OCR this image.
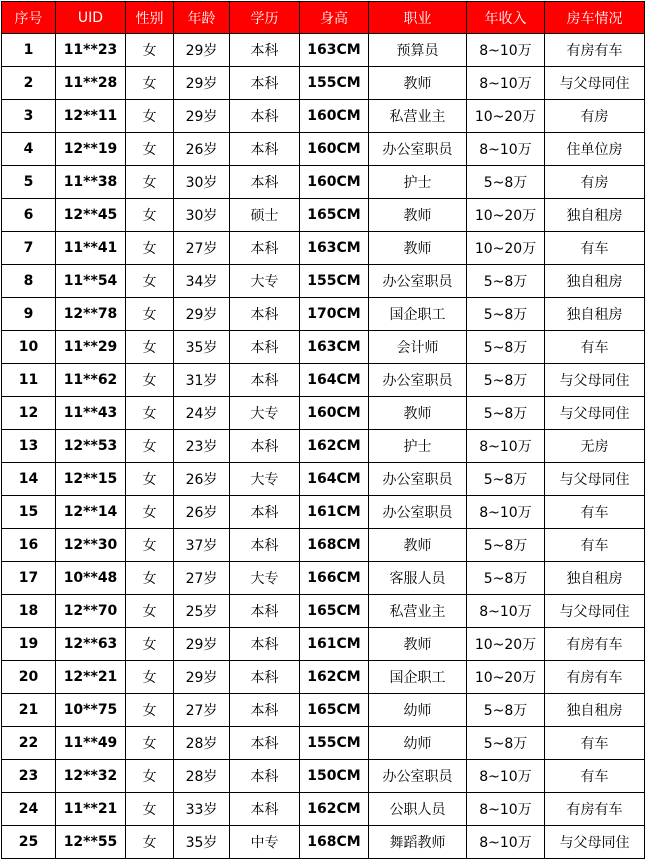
序号	UID	性别	年龄	学历	身高	职业	年收入	房车情况
1	11**23	女	29岁	本科	163CM	预算员	8~10万	有房有车
2	11**28	女	29岁	本科	155CM	教师	8~10万	与父母同住
3	12**11	女	29岁	本科	160CM	私营业主	10~20万	有房
4	12**19	女	26岁	本科	160CM	办公室职员	8~10万	住单位房
5	11**38	女	30岁	本科	160CM	护士	5~8万	有房
6	12**45	女	30岁	硕士	165CM	教师	10~20万	独自租房
7	11**41	女	27岁	本科	163CM	教师	10~20万	有车
8	11**54	女	34岁	大专	155CM	办公室职员	5~8万	独自租房
9	12**78	女	29岁	本科	170CM	国企职工	5~8万	独自租房
10	11**29	女	35岁	本科	163CM	会计师	5~8万	有车
11	11**62	女	31岁	本科	164CM	办公室职员	5~8万	与父母同住
12	11**43	女	24岁	大专	160CM	教师	5~8万	与父母同住
13	12**53	女	23岁	本科	162CM	护士	8~10万	无房
14	12**15	女	26岁	大专	164CM	办公室职员	5~8万	与父母同住
15	12**14	女	26岁	本科	161CM	办公室职员	8~10万	有车
16	12**30	女	37岁	本科	168CM	教师	5~8万	有车
17	10**48	女	27岁	大专	166CM	客服人员	5~8万	独自租房
18	12**70	女	25岁	本科	165CM	私营业主	8~10万	与父母同住
19	12**63	女	29岁	本科	161CM	教师	10~20万	有房有车
20	12**21	女	29岁	本科	162CM	国企职工	10~20万	有房有车
21	10**75	女	27岁	本科	165CM	幼师	5~8万	独自租房
22	11**49	女	28岁	本科	155CM	幼师	5~8万	有车
23	12**32	女	28岁	本科	150CM	办公室职员	8~10万	有车
24	11**21	女	33岁	本科	162CM	公职人员	8~10万	有房有车
25	12**55	女	35岁	中专	168CM	舞蹈教师	8~10万	与父母同住
